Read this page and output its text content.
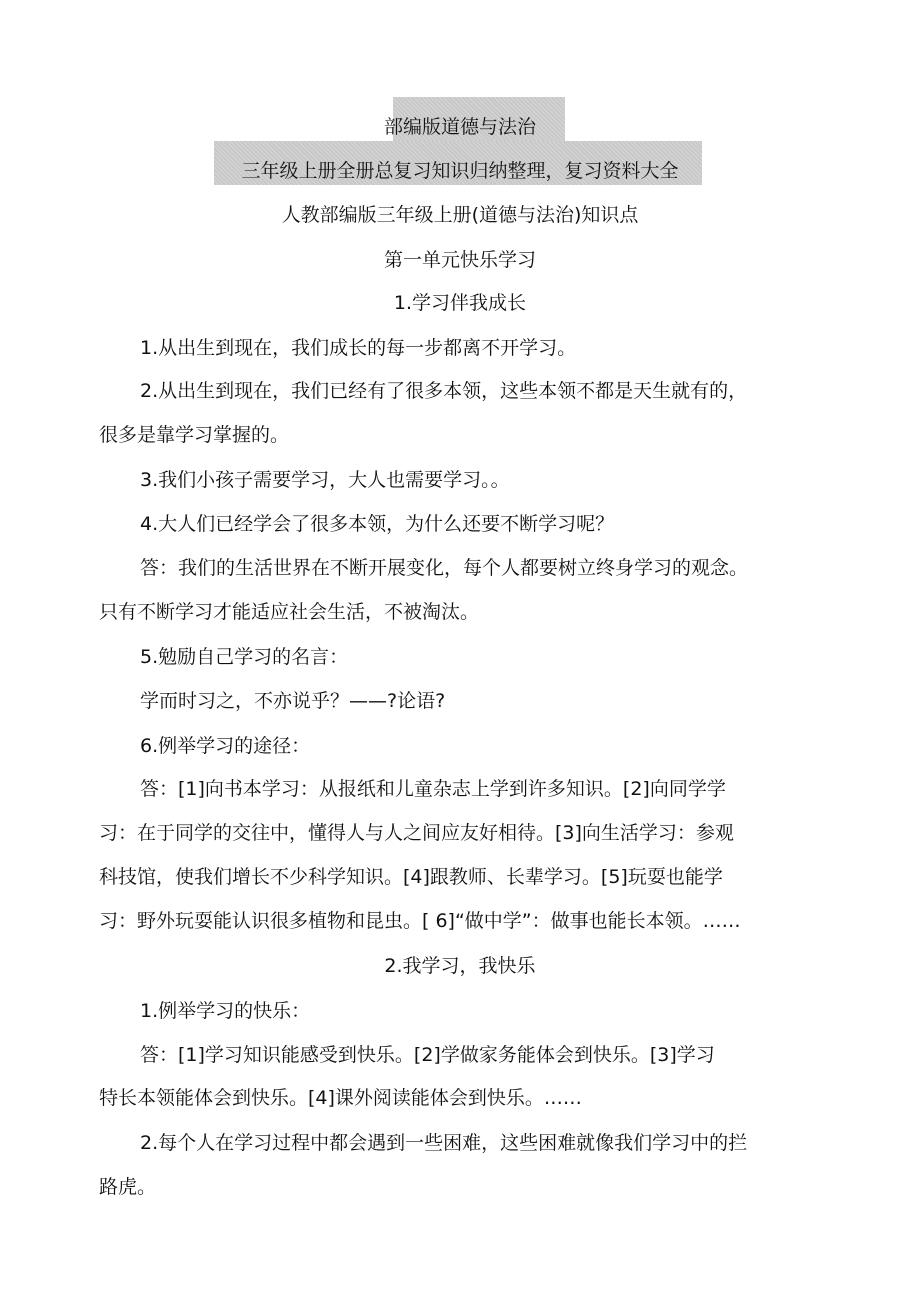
部编版道德与法治
三年级上册全册总复习知识归纳整理，复习资料大全
人教部编版三年级上册(道德与法治)知识点
第一单元快乐学习
1.学习伴我成长
1.从出生到现在，我们成长的每一步都离不开学习。
2.从出生到现在，我们已经有了很多本领，这些本领不都是天生就有的，
很多是靠学习掌握的。
3.我们小孩子需要学习，大人也需要学习。。
4.大人们已经学会了很多本领，为什么还要不断学习呢？
答：我们的生活世界在不断开展变化，每个人都要树立终身学习的观念。
只有不断学习才能适应社会生活，不被淘汰。
5.勉励自己学习的名言：
学而时习之，不亦说乎？——?论语?
6.例举学习的途径：
答：[1]向书本学习：从报纸和儿童杂志上学到许多知识。[2]向同学学
习：在于同学的交往中，懂得人与人之间应友好相待。[3]向生活学习：参观
科技馆，使我们增长不少科学知识。[4]跟教师、长辈学习。[5]玩耍也能学
习：野外玩耍能认识很多植物和昆虫。[ 6]“做中学”：做事也能长本领。……
2.我学习，我快乐
1.例举学习的快乐：
答：[1]学习知识能感受到快乐。[2]学做家务能体会到快乐。[3]学习
特长本领能体会到快乐。[4]课外阅读能体会到快乐。……
2.每个人在学习过程中都会遇到一些困难，这些困难就像我们学习中的拦
路虎。
